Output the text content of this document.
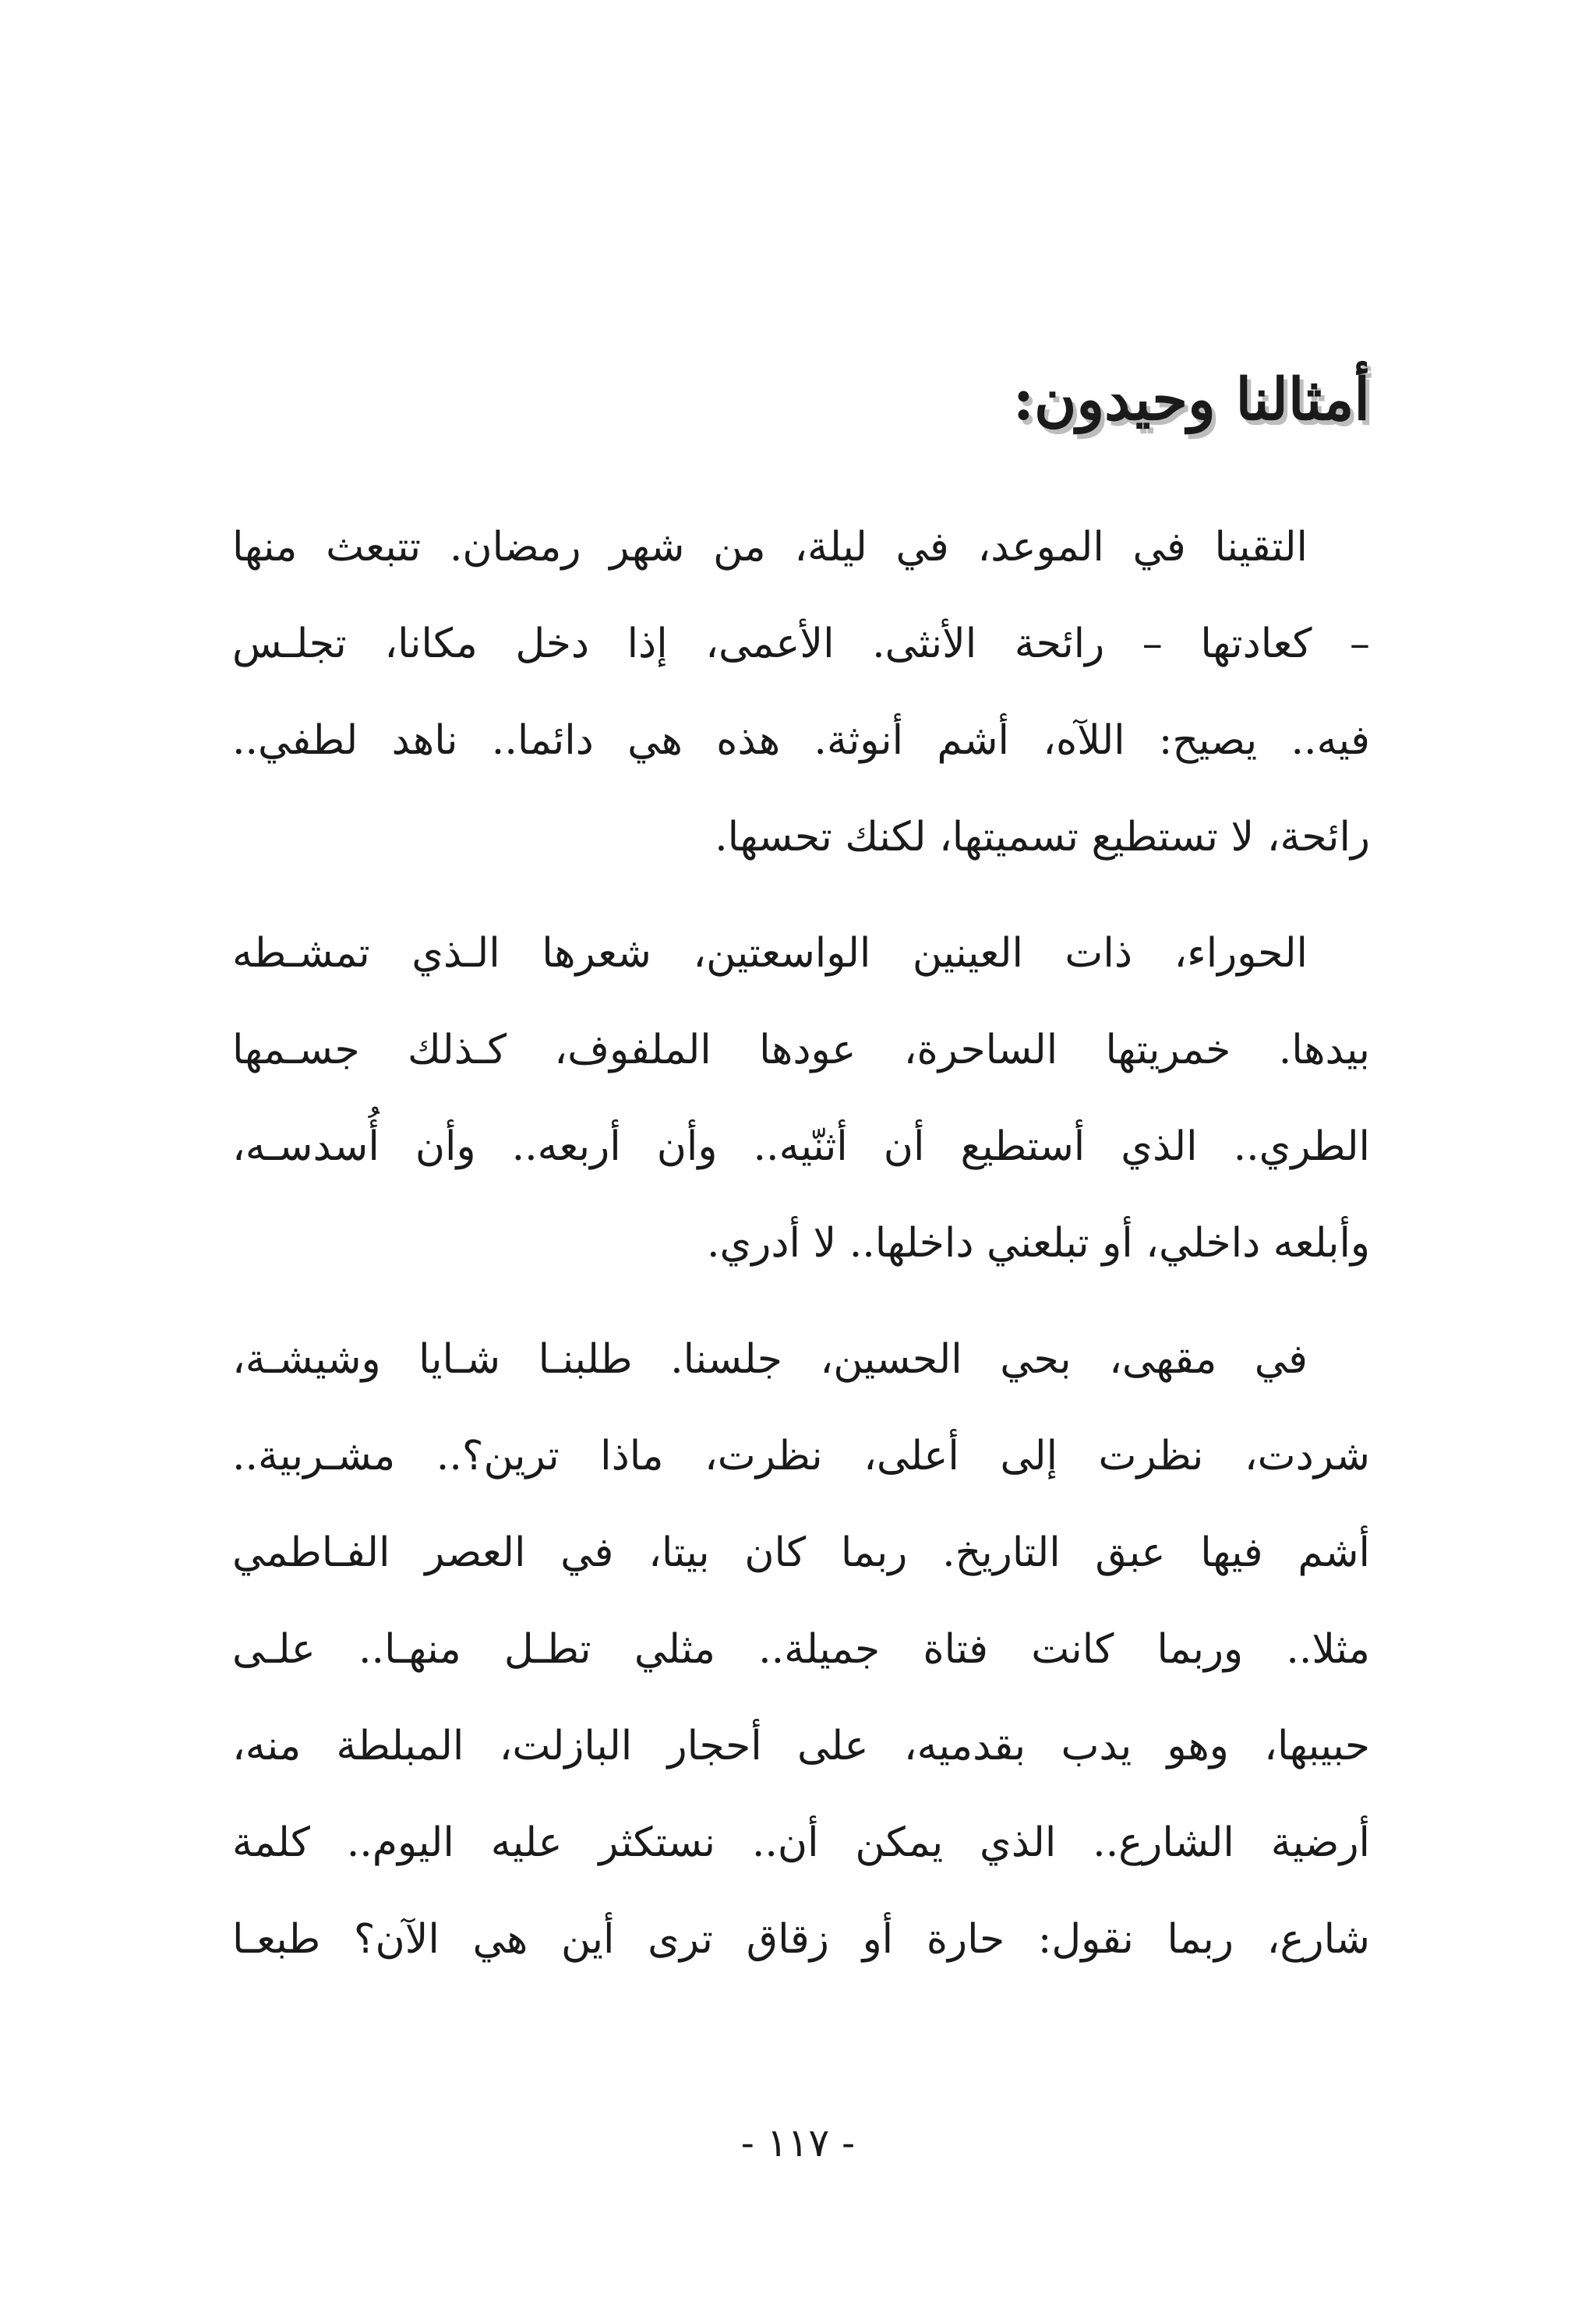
أمثالنا وحيدون:
التقينا في الموعد، في ليلة، من شهر رمضان. تتبعث منها
– كعادتها – رائحة الأنثى. الأعمى، إذا دخل مكانا، تجلـس
فيه.. يصيح: اللآه، أشم أنوثة. هذه هي دائما.. ناهد لطفي..
رائحة، لا تستطيع تسميتها، لكنك تحسها.
الحوراء، ذات العينين الواسعتين، شعرها الـذي تمشـطه
بيدها. خمريتها الساحرة، عودها الملفوف، كـذلك جسـمها
الطري.. الذي أستطيع أن أثنّيه.. وأن أربعه.. وأن أُسدسـه،
وأبلعه داخلي، أو تبلعني داخلها.. لا أدري.
في مقهى، بحي الحسين، جلسنا. طلبنـا شـايا وشيشـة،
شردت، نظرت إلى أعلى، نظرت، ماذا ترين؟.. مشـربية..
أشم فيها عبق التاريخ. ربما كان بيتا، في العصر الفـاطمي
مثلا.. وربما كانت فتاة جميلة.. مثلي تطـل منهـا.. علـى
حبيبها، وهو يدب بقدميه، على أحجار البازلت، المبلطة منه،
أرضية الشارع.. الذي يمكن أن.. نستكثر عليه اليوم.. كلمة
شارع، ربما نقول: حارة أو زقاق ترى أين هي الآن؟ طبعـا
- ١١٧ -
